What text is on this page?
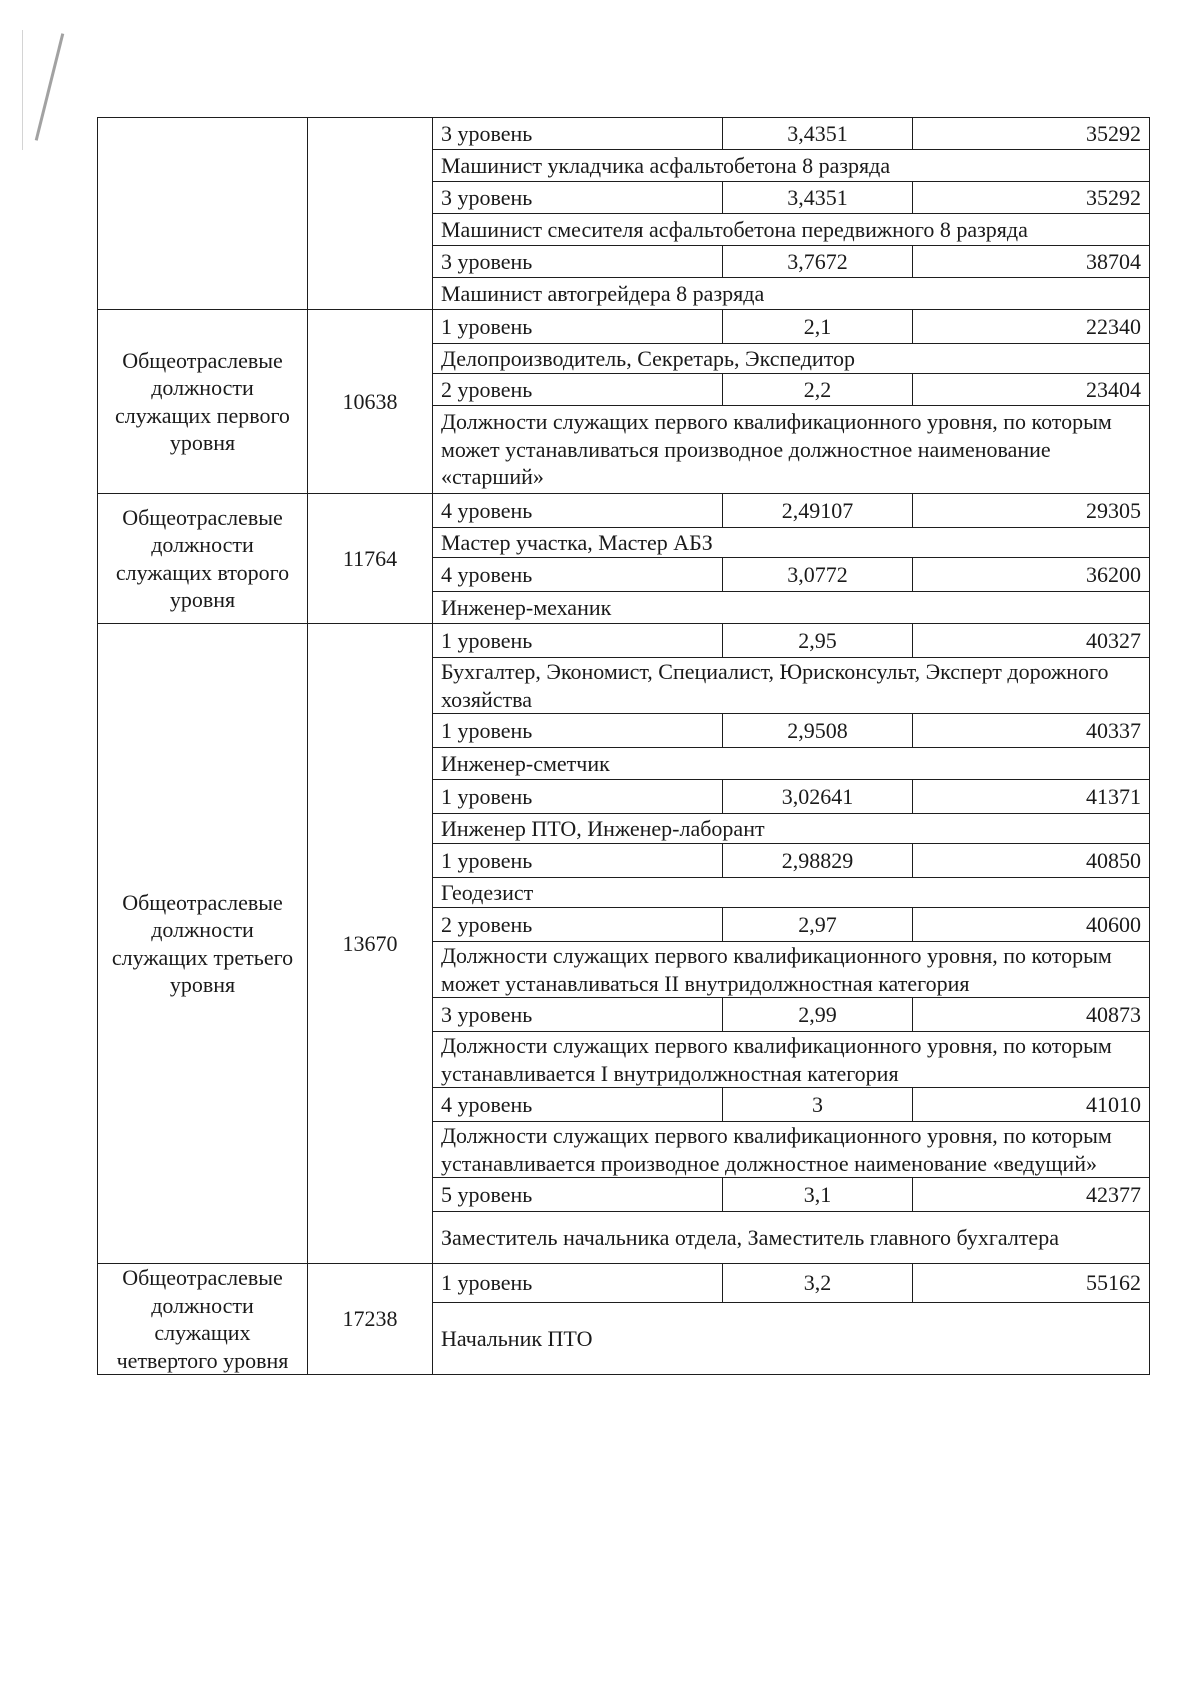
		3 уровень	3,4351	35292
		Машинист укладчика асфальтобетона 8 разряда		
		3 уровень	3,4351	35292
		Машинист смесителя асфальтобетона передвижного 8 разряда		
		3 уровень	3,7672	38704
		Машинист автогрейдера 8 разряда		
Общеотраслевые должности служащих первого уровня	10638	1 уровень	2,1	22340
		Делопроизводитель, Секретарь, Экспедитор		
		2 уровень	2,2	23404
		Должности служащих первого квалификационного уровня, по которым может устанавливаться производное должностное наименование «старший»		
Общеотраслевые должности служащих второго уровня	11764	4 уровень	2,49107	29305
		Мастер участка, Мастер АБЗ		
		4 уровень	3,0772	36200
		Инженер-механик		
Общеотраслевые должности служащих третьего уровня	13670	1 уровень	2,95	40327
		Бухгалтер, Экономист, Специалист, Юрисконсульт, Эксперт дорожного хозяйства		
		1 уровень	2,9508	40337
		Инженер-сметчик		
		1 уровень	3,02641	41371
		Инженер ПТО, Инженер-лаборант		
		1 уровень	2,98829	40850
		Геодезист		
		2 уровень	2,97	40600
		Должности служащих первого квалификационного уровня, по которым может устанавливаться II внутридолжностная категория		
		3 уровень	2,99	40873
		Должности служащих первого квалификационного уровня, по которым устанавливается I внутридолжностная категория		
		4 уровень	3	41010
		Должности служащих первого квалификационного уровня, по которым устанавливается производное должностное наименование «ведущий»		
		5 уровень	3,1	42377
		Заместитель начальника отдела, Заместитель главного бухгалтера		
Общеотраслевые должности служащих четвертого уровня	17238	1 уровень	3,2	55162
		Начальник ПТО		
